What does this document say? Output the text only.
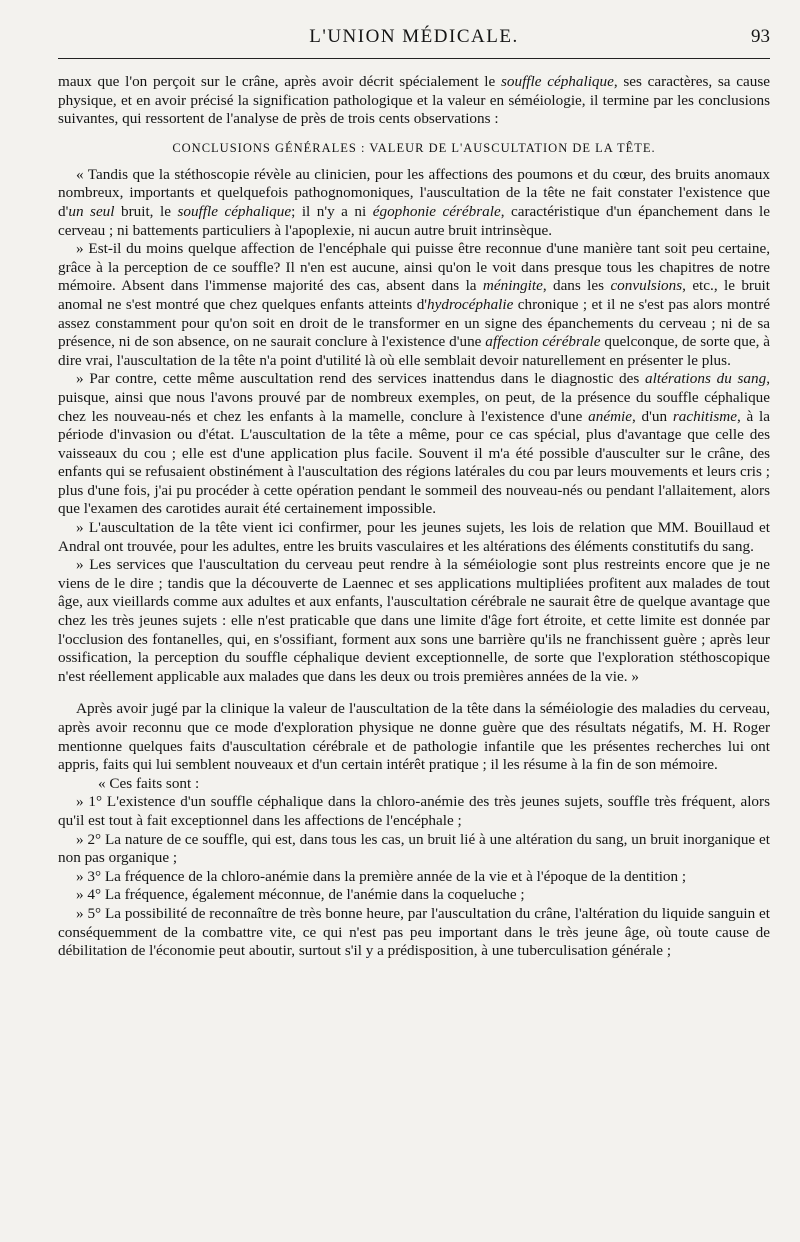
L'UNION MÉDICALE.	93

maux que l'on perçoit sur le crâne, après avoir décrit spécialement le souffle céphalique, ses caractères, sa cause physique, et en avoir précisé la signification pathologique et la valeur en séméiologie, il termine par les conclusions suivantes, qui ressortent de l'analyse de près de trois cents observations :

CONCLUSIONS GÉNÉRALES : VALEUR DE L'AUSCULTATION DE LA TÊTE.

« Tandis que la stéthoscopie révèle au clinicien, pour les affections des poumons et du cœur, des bruits anomaux nombreux, importants et quelquefois pathognomoniques, l'auscultation de la tête ne fait constater l'existence que d'un seul bruit, le souffle céphalique; il n'y a ni égophonie cérébrale, caractéristique d'un épanchement dans le cerveau ; ni battements particuliers à l'apoplexie, ni aucun autre bruit intrinsèque.

» Est-il du moins quelque affection de l'encéphale qui puisse être reconnue d'une manière tant soit peu certaine, grâce à la perception de ce souffle? Il n'en est aucune, ainsi qu'on le voit dans presque tous les chapitres de notre mémoire. Absent dans l'immense majorité des cas, absent dans la méningite, dans les convulsions, etc., le bruit anomal ne s'est montré que chez quelques enfants atteints d'hydrocéphalie chronique ; et il ne s'est pas alors montré assez constamment pour qu'on soit en droit de le transformer en un signe des épanchements du cerveau ; ni de sa présence, ni de son absence, on ne saurait conclure à l'existence d'une affection cérébrale quelconque, de sorte que, à dire vrai, l'auscultation de la tête n'a point d'utilité là où elle semblait devoir naturellement en présenter le plus.

» Par contre, cette même auscultation rend des services inattendus dans le diagnostic des altérations du sang, puisque, ainsi que nous l'avons prouvé par de nombreux exemples, on peut, de la présence du souffle céphalique chez les nouveau-nés et chez les enfants à la mamelle, conclure à l'existence d'une anémie, d'un rachitisme, à la période d'invasion ou d'état. L'auscultation de la tête a même, pour ce cas spécial, plus d'avantage que celle des vaisseaux du cou ; elle est d'une application plus facile. Souvent il m'a été possible d'ausculter sur le crâne, des enfants qui se refusaient obstinément à l'auscultation des régions latérales du cou par leurs mouvements et leurs cris ; plus d'une fois, j'ai pu procéder à cette opération pendant le sommeil des nouveau-nés ou pendant l'allaitement, alors que l'examen des carotides aurait été certainement impossible.

» L'auscultation de la tête vient ici confirmer, pour les jeunes sujets, les lois de relation que MM. Bouillaud et Andral ont trouvée, pour les adultes, entre les bruits vasculaires et les altérations des éléments constitutifs du sang.

» Les services que l'auscultation du cerveau peut rendre à la séméiologie sont plus restreints encore que je ne viens de le dire ; tandis que la découverte de Laennec et ses applications multipliées profitent aux malades de tout âge, aux vieillards comme aux adultes et aux enfants, l'auscultation cérébrale ne saurait être de quelque avantage que chez les très jeunes sujets : elle n'est praticable que dans une limite d'âge fort étroite, et cette limite est donnée par l'occlusion des fontanelles, qui, en s'ossifiant, forment aux sons une barrière qu'ils ne franchissent guère ; après leur ossification, la perception du souffle céphalique devient exceptionnelle, de sorte que l'exploration stéthoscopique n'est réellement applicable aux malades que dans les deux ou trois premières années de la vie. »

Après avoir jugé par la clinique la valeur de l'auscultation de la tête dans la séméiologie des maladies du cerveau, après avoir reconnu que ce mode d'exploration physique ne donne guère que des résultats négatifs, M. H. Roger mentionne quelques faits d'auscultation cérébrale et de pathologie infantile que les présentes recherches lui ont appris, faits qui lui semblent nouveaux et d'un certain intérêt pratique ; il les résume à la fin de son mémoire.

« Ces faits sont :

» 1° L'existence d'un souffle céphalique dans la chloro-anémie des très jeunes sujets, souffle très fréquent, alors qu'il est tout à fait exceptionnel dans les affections de l'encéphale ;

» 2° La nature de ce souffle, qui est, dans tous les cas, un bruit lié à une altération du sang, un bruit inorganique et non pas organique ;

» 3° La fréquence de la chloro-anémie dans la première année de la vie et à l'époque de la dentition ;

» 4° La fréquence, également méconnue, de l'anémie dans la coqueluche ;

» 5° La possibilité de reconnaître de très bonne heure, par l'auscultation du crâne, l'altération du liquide sanguin et conséquemment de la combattre vite, ce qui n'est pas peu important dans le très jeune âge, où toute cause de débilitation de l'économie peut aboutir, surtout s'il y a prédisposition, à une tuberculisation générale ;
